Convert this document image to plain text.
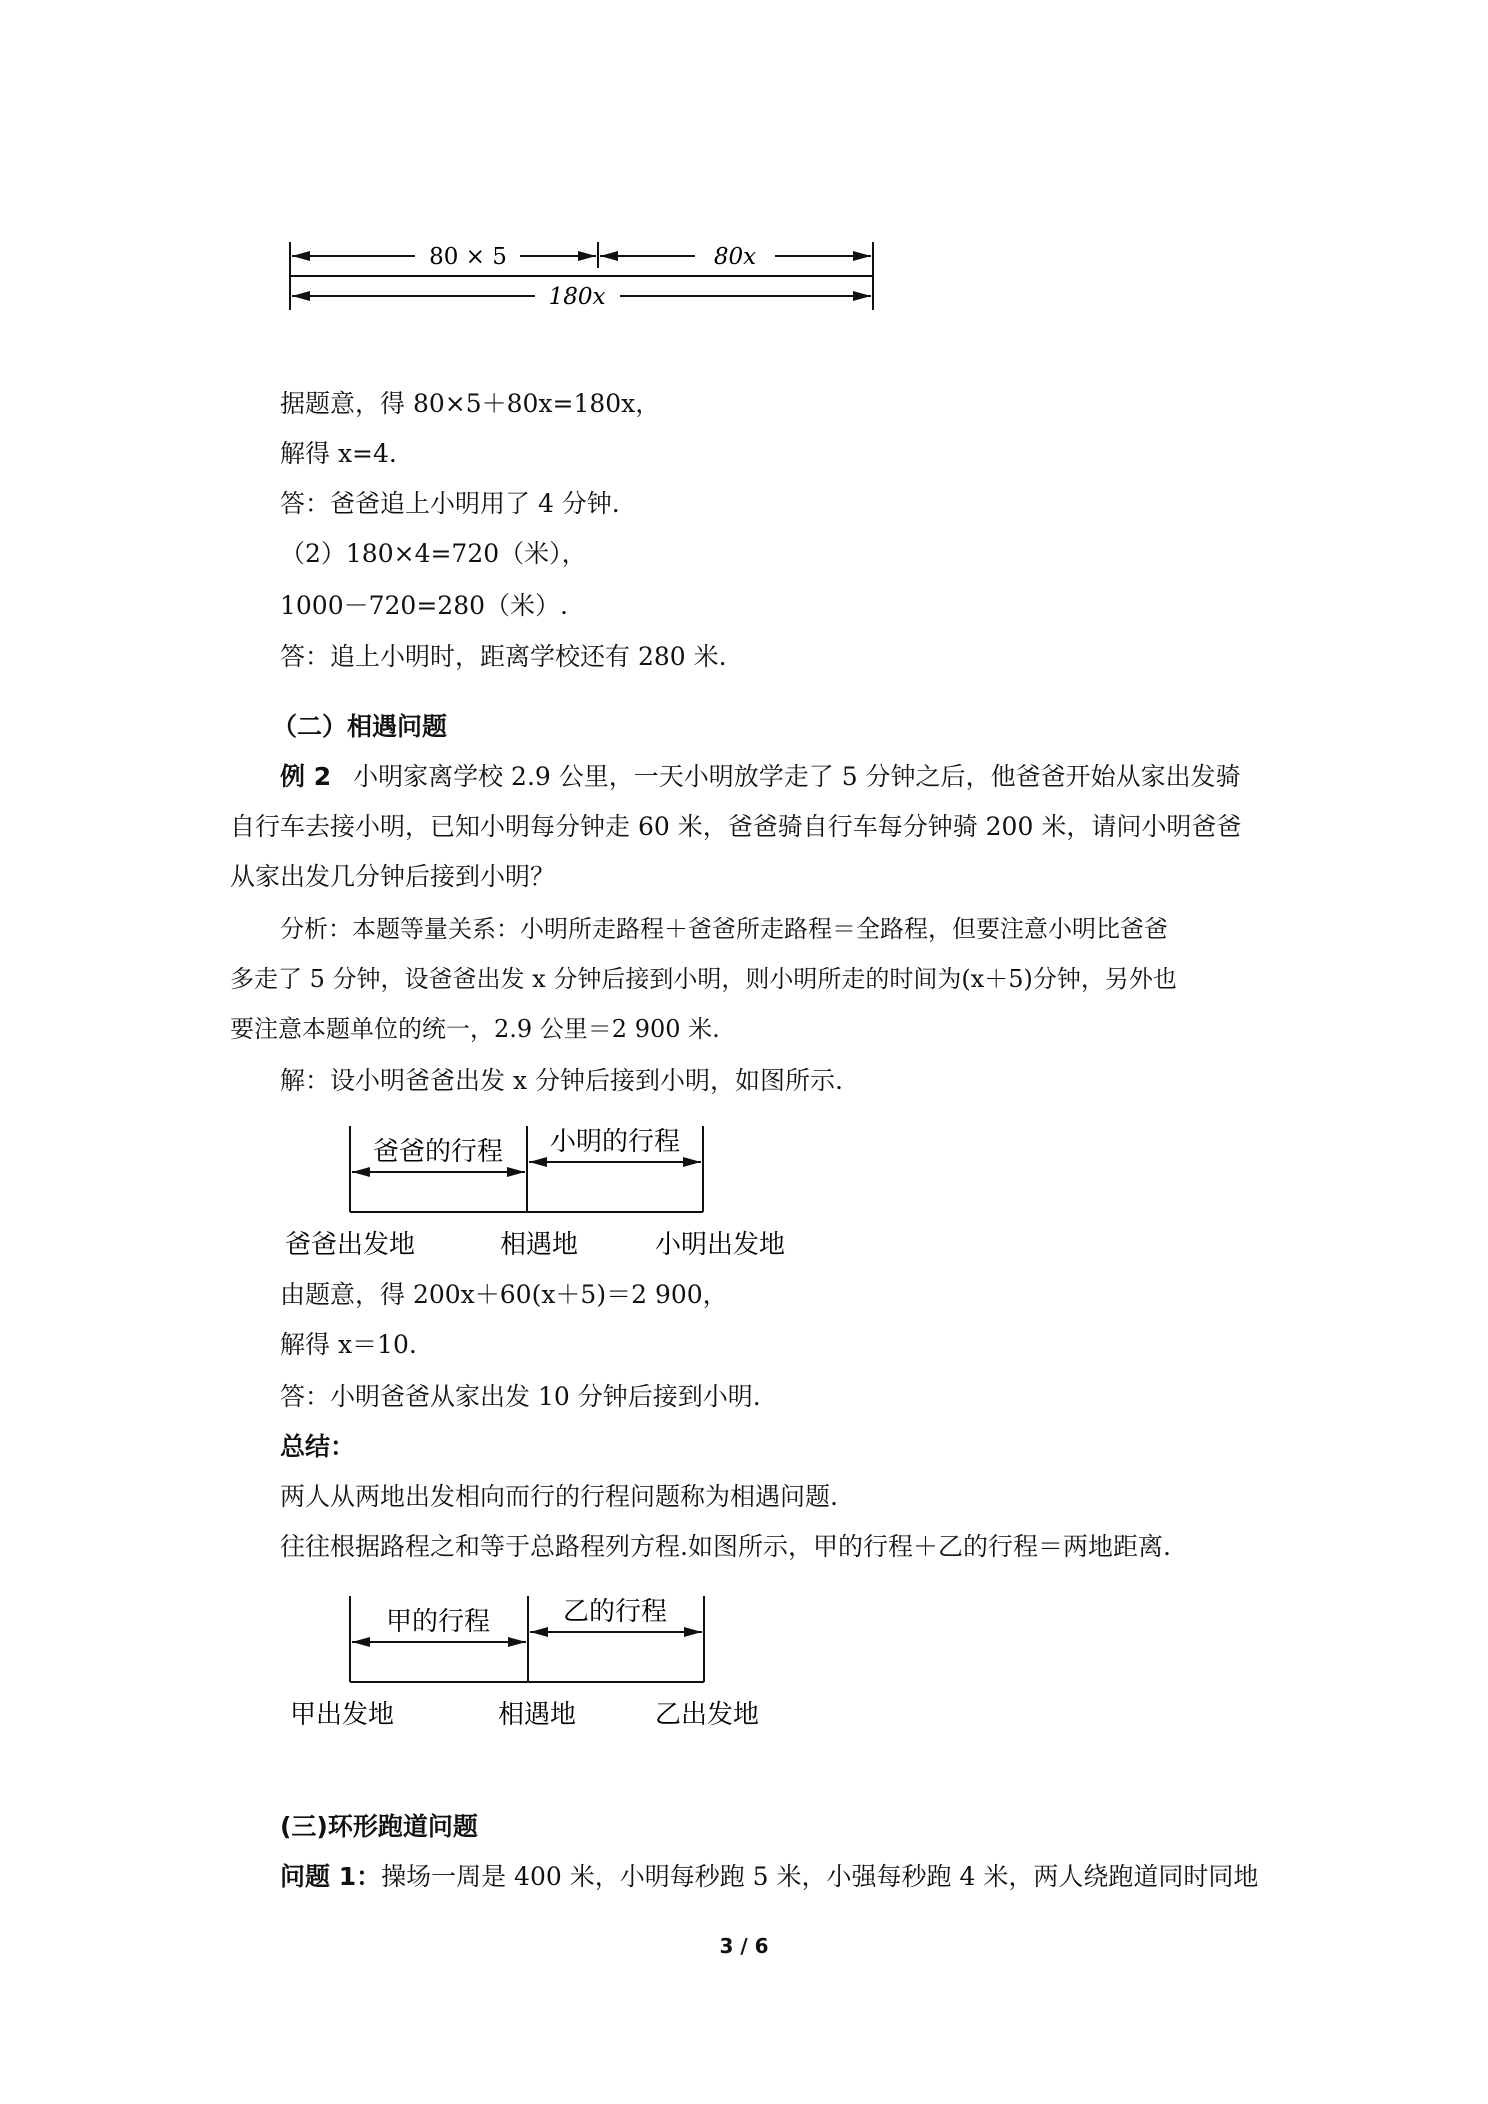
80 × 5	80x
180x
据题意，得 80×5＋80x=180x，
解得 x=4.
答：爸爸追上小明用了 4 分钟.
（2）180×4=720（米），
1000－720=280（米）.
答：追上小明时，距离学校还有 280 米.
（二）相遇问题
例 2 小明家离学校 2.9 公里，一天小明放学走了 5 分钟之后，他爸爸开始从家出发骑
自行车去接小明，已知小明每分钟走 60 米，爸爸骑自行车每分钟骑 200 米，请问小明爸爸
从家出发几分钟后接到小明？
分析：本题等量关系：小明所走路程＋爸爸所走路程＝全路程，但要注意小明比爸爸
多走了 5 分钟，设爸爸出发 x 分钟后接到小明，则小明所走的时间为(x＋5)分钟，另外也
要注意本题单位的统一，2.9 公里＝2 900 米.
解：设小明爸爸出发 x 分钟后接到小明，如图所示.
爸爸的行程 小明的行程
爸爸出发地	相遇地	小明出发地
由题意，得 200x＋60(x＋5)＝2 900，
解得 x＝10.
答：小明爸爸从家出发 10 分钟后接到小明.
总结：
两人从两地出发相向而行的行程问题称为相遇问题.
往往根据路程之和等于总路程列方程.如图所示，甲的行程＋乙的行程＝两地距离.
甲的行程	乙的行程
甲出发地	相遇地	乙出发地
(三)环形跑道问题
问题 1：操场一周是 400 米，小明每秒跑 5 米，小强每秒跑 4 米，两人绕跑道同时同地
3 / 6
